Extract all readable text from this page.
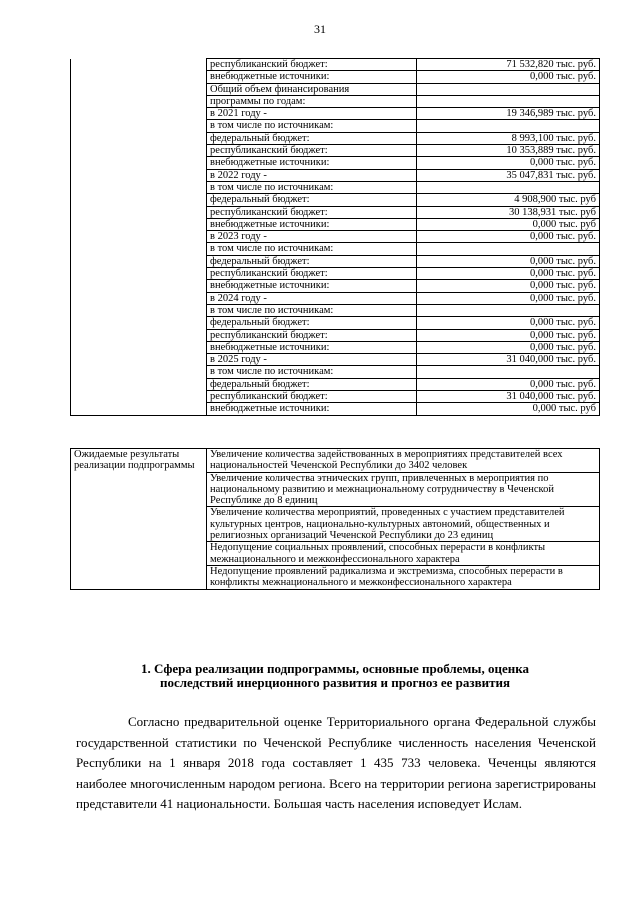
31
	республиканский бюджет:	71 532,820 тыс. руб.
	внебюджетные источники:	0,000 тыс. руб.
	Общий объем финансирования	
	программы по годам:	
	в 2021 году -	19 346,989 тыс. руб.
	в том числе по источникам:	
	федеральный бюджет:	8 993,100 тыс. руб.
	республиканский бюджет:	10 353,889 тыс. руб.
	внебюджетные источники:	0,000 тыс. руб.
	в 2022 году -	35 047,831 тыс. руб.
	в том числе по источникам:	
	федеральный бюджет:	4 908,900 тыс. руб
	республиканский бюджет:	30 138,931 тыс. руб
	внебюджетные источники:	0,000 тыс. руб
	в 2023 году -	0,000 тыс. руб.
	в том числе по источникам:	
	федеральный бюджет:	0,000 тыс. руб.
	республиканский бюджет:	0,000 тыс. руб.
	внебюджетные источники:	0,000 тыс. руб.
	в 2024 году -	0,000 тыс. руб.
	в том числе по источникам:	
	федеральный бюджет:	0,000 тыс. руб.
	республиканский бюджет:	0,000 тыс. руб.
	внебюджетные источники:	0,000 тыс. руб.
	в 2025 году -	31 040,000 тыс. руб.
	в том числе по источникам:	
	федеральный бюджет:	0,000 тыс. руб.
	республиканский бюджет:	31 040,000 тыс. руб.
	внебюджетные источники:	0,000 тыс. руб
Ожидаемые результаты реализации подпрограммы	Увеличение количества задействованных в мероприятиях представителей всех национальностей Чеченской Республики до 3402 человек
Увеличение количества этнических групп, привлеченных в мероприятия по национальному развитию и межнациональному сотрудничеству в Чеченской Республике до 8 единиц
Увеличение количества мероприятий, проведенных с участием представителей культурных центров, национально-культурных автономий, общественных и религиозных организаций Чеченской Республики до 23 единиц
Недопущение социальных проявлений, способных перерасти в конфликты межнационального и межконфессионального характера
Недопущение проявлений радикализма и экстремизма, способных перерасти в конфликты межнационального и межконфессионального характера
1. Сфера реализации подпрограммы, основные проблемы, оценка последствий инерционного развития и прогноз ее развития

Согласно предварительной оценке Территориального органа Федеральной службы государственной статистики по Чеченской Республике численность населения Чеченской Республики на 1 января 2018 года составляет 1 435 733 человека. Чеченцы являются наиболее многочисленным народом региона. Всего на территории региона зарегистрированы представители 41 национальности. Большая часть населения исповедует Ислам.
